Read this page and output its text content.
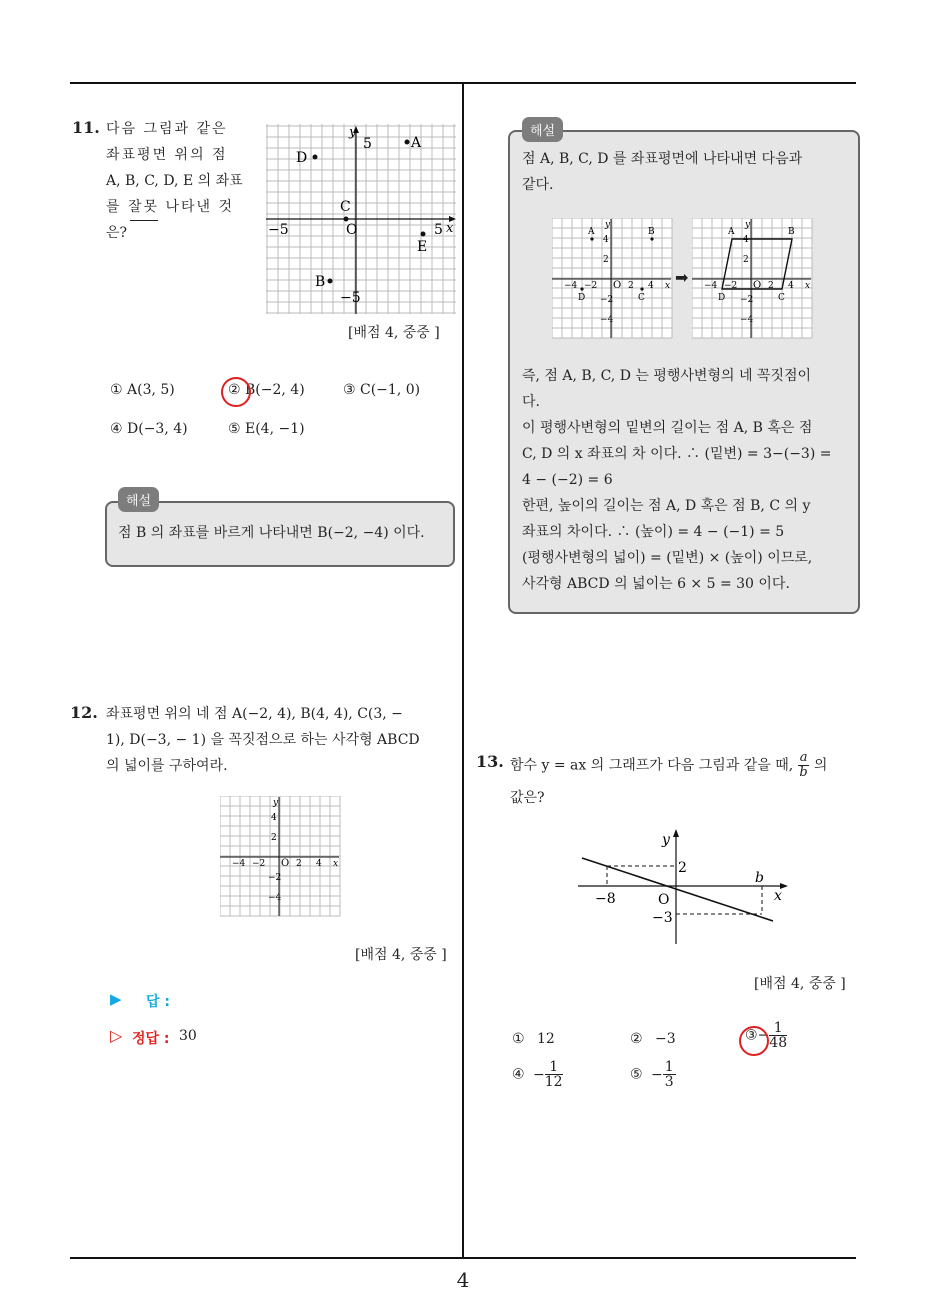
4
11. 다음 그림과 같은
좌표평면 위의 점
A, B, C, D, E 의 좌표
를 잘못 나타낸 것
은?
y
x
5
−5
5
−5	O
A
D
C
E
B
[배점 4, 중중 ]
① A(3, 5)	② B(−2, 4)	③ C(−1, 0)
④ D(−3, 4)	⑤ E(4, −1)
해설
점 B 의 좌표를 바르게 나타내면 B(−2, −4) 이다.
12. 좌표평면 위의 네 점 A(−2, 4), B(4, 4), C(3, −
1), D(−3, − 1) 을 꼭짓점으로 하는 사각형 ABCD
의 넓이를 구하여라.
y
x
−4 −2 O 2 4
4
2
−2
−4
[배점 4, 중중 ]
▶ 답 :
▷ 정답 : 30
해설
점 A, B, C, D 를 좌표평면에 나타내면 다음과
같다.
y
x
A	B
D	C
−4 −2 O 2 4
4
2
−2
−4
➡
y
x
A	B
D	C
−4 −2 O 2 4
4
2
−2
−4
즉, 점 A, B, C, D 는 평행사변형의 네 꼭짓점이
다.
이 평행사변형의 밑변의 길이는 점 A, B 혹은 점
C, D 의 x 좌표의 차 이다. ∴ (밑변) = 3−(−3) =
4 − (−2) = 6
한편, 높이의 길이는 점 A, D 혹은 점 B, C 의 y
좌표의 차이다. ∴ (높이) = 4 − (−1) = 5
(평행사변형의 넓이) = (밑변) × (높이) 이므로,
사각형 ABCD 의 넓이는 6 × 5 = 30 이다.
13. 함수 y = ax 의 그래프가 다음 그림과 같을 때, $\frac{a}{b}$ 의
값은?
y
x
2
−8	O
−3
b
[배점 4, 중중 ]
① 12	② −3	③− $\frac{1}{48}$
④ − $\frac{1}{12}$	⑤ − $\frac{1}{3}$
